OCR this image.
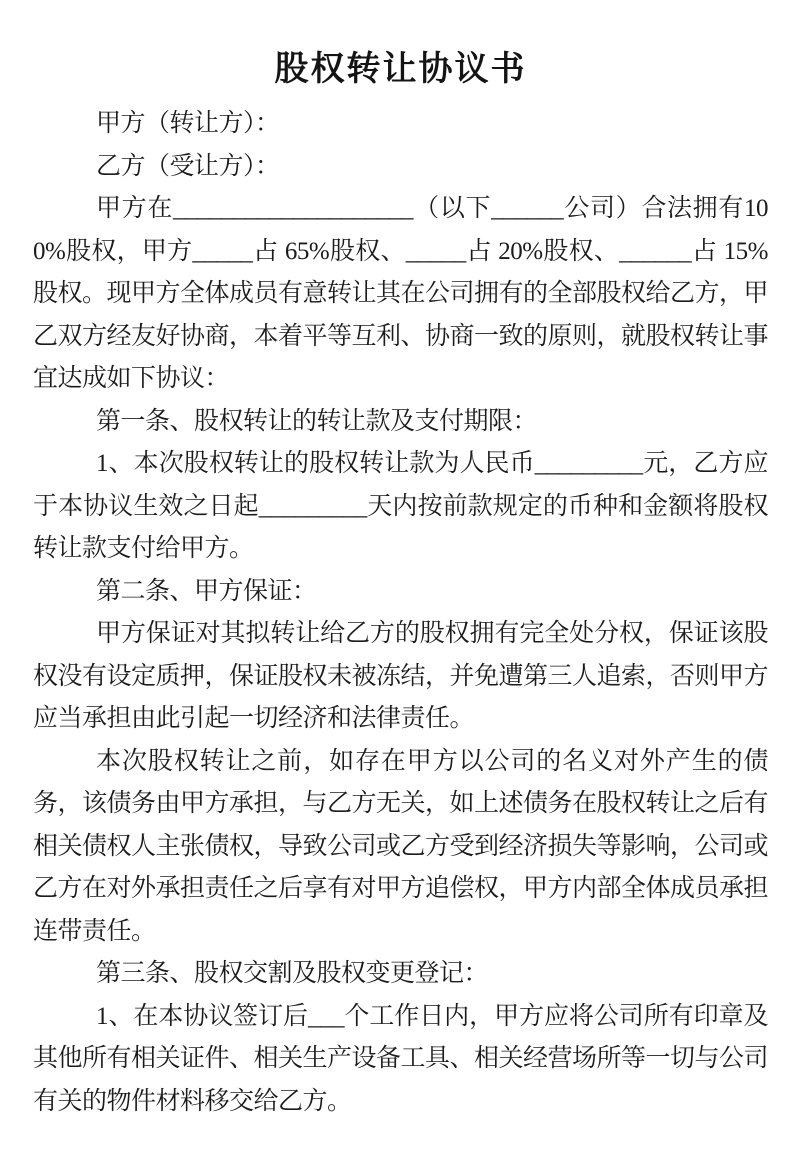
股权转让协议书

甲方（转让方）：

乙方（受让方）：

甲方在____________________（以下______公司）合法拥有100%股权，甲方_____占 65%股权、_____占 20%股权、______占 15%股权。现甲方全体成员有意转让其在公司拥有的全部股权给乙方，甲乙双方经友好协商，本着平等互利、协商一致的原则，就股权转让事宜达成如下协议：

第一条、股权转让的转让款及支付期限：

1、本次股权转让的股权转让款为人民币_________元，乙方应于本协议生效之日起_________天内按前款规定的币种和金额将股权转让款支付给甲方。

第二条、甲方保证：

甲方保证对其拟转让给乙方的股权拥有完全处分权，保证该股权没有设定质押，保证股权未被冻结，并免遭第三人追索，否则甲方应当承担由此引起一切经济和法律责任。

本次股权转让之前，如存在甲方以公司的名义对外产生的债务，该债务由甲方承担，与乙方无关，如上述债务在股权转让之后有相关债权人主张债权，导致公司或乙方受到经济损失等影响，公司或乙方在对外承担责任之后享有对甲方追偿权，甲方内部全体成员承担连带责任。

第三条、股权交割及股权变更登记：

1、在本协议签订后___个工作日内，甲方应将公司所有印章及其他所有相关证件、相关生产设备工具、相关经营场所等一切与公司有关的物件材料移交给乙方。
